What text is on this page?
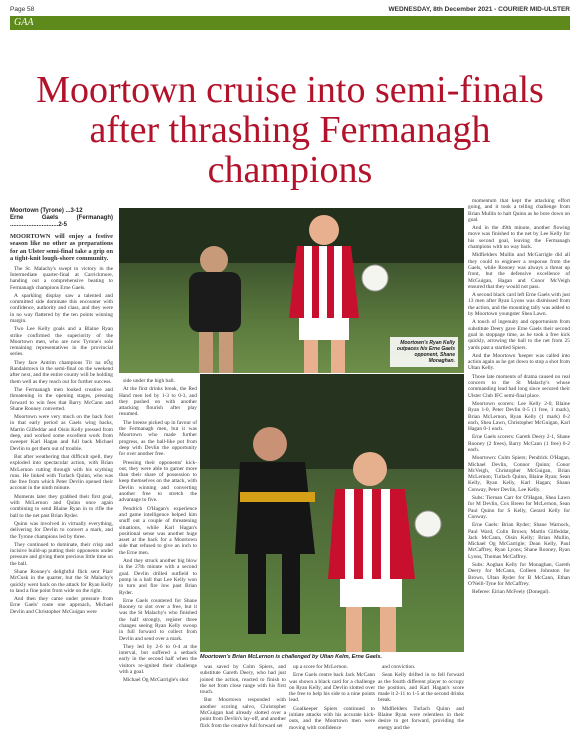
Page 58	WEDNESDAY, 8th December 2021 - COURIER MID-ULSTER
GAA
Moortown cruise into semi-finals after thrashing Fermanagh champions
Moortown (Tyrone) ...3-12
Erne Gaels (Fermanagh) .............................2-5
MOORTOWN will enjoy a festive season like no other as preparations for an Ulster semi-final take a grip on a tight-knit lough-shore community.

The St. Malachy's swept to victory in the Intermediate quarter-final at Carrickmore, handing out a comprehensive beating to Fermanagh champions Erne Gaels.

A sparkling display saw a talented and committed side dominate this encounter with confidence, authority and class, and they were in no way flattered by the ten points winning margin.

Two Lee Kelly goals and a Blaine Ryan strike confirmed the superiority of the Moortown men, who are now Tyrone's sole remaining representatives in the provincial series.

They face Antrim champions Tír na nÓg Randalstown in the semi-final on the weekend after next, and the entire county will be holding them well as they reach out for further success.

The Fermanagh men looked creative and threatening in the opening stages, pressing forward to win fees that Barry McCann and Shane Rooney converted.

Moortown were very much on the back foot in that early period as Gaels wing backs, Martin Gilfeddar and Oisin Kelly pressed from deep, and worked some excellent work from sweeper Karl Hagan and full back Michael Devlin to get them out of trouble.

But after weathering that difficult spell, they exploded into spectacular action, with Brian McLernon cutting through with his scything runs. He linked with Turlach Quinn, who was the free from which Peter Devlin opened their account in the ninth minute.

Moments later they grabbed their first goal, with McLernon and Quinn once again combining to send Blaine Ryan in to rifle the ball to the net past Brian Ryder.

Quinn was involved in virtually everything, delivering for Devlin to convert a mark, and the Tyrone champions led by three.

They continued to dominate, their crisp and incisive build-up putting their opponents under pressure and giving them precious little time on the ball.

Shane Rooney's delightful flick sent Piarr McCusk in the quarter, but the St Malachy's quickly went back on the attack for Ryan Kelly to land a fine point from wide on the right.

And then they came under pressure from Erne Gaels' route one approach, Michael Devlin and Christopher McGuigan were

Moortown's Ryan Kelly outpaces his Erne Gaels opponent, Shane Monaghan.

side under the high ball.

At the first drinks break, the Red Hand men led by 1-3 to 0-3, and they pushed on with another attacking flourish after play resumed.

The breeze picked up in favour of the Fermanagh men, but it was Moortown who made further progress, as the ball-like pot from deep with Devlin the opportunity for over another free.

Pressing their opponents' kick-out, they were able to garner more than their share of possession to keep themselves on the attack, with Devlin winning and converting another free to stretch the advantage to five.

Pendrich O'Hagan's experience and game intelligence helped him snuff out a couple of threatening situations, while Karl Hagan's positional sense was another huge asset at the back for a Moortown side that refused to give an inch to the Erne men.

And they struck another big blow in the 27th minute with a second goal. Devlin drilled outfield to pump in a ball that Lee Kelly won to turn and fire low past Brian Ryder.

Erne Gaels countered for Shane Rooney to slot over a free, but it was the St Malachy's who finished the half strongly, register three changes seeing Ryan Kelly swoop in full forward to collect from Devlin and send over a mark.

They led by 2-6 to 0-4 at the interval, but suffered a setback early in the second half when the visitors re-ignited their challenge with a goal.

Michael Og McGarrigle's shot

Moortown's Brian McLernon is challenged by Ultan Kelm, Erne Gaels.

was saved by Colm Spiers, and substitute Gareth Deery, who had just joined the action, reacted to finish to the net from close range with his first touch.

But Moortown responded with another scoring salvo, Christopher McGuigan had already slotted over a point from Devlin's lay-off, and another flick from the creative full forward set

up a score for McLernon.

Erne Gaels centre back Jack McCann was shown a black card for a challenge on Ryan Kelly, and Devlin slotted over the free to help his side to a nine points lead.

Goalkeeper Spiers continued to initiate attacks with his accurate kick-outs, and the Moortown men were moving with confidence

and conviction.

Sean Kelly drifted in to fell forward as the fourth different player to occupy the position, and Karl Hagan's score made it 2-11 to 1-5 at the second drinks break.

Midfielders Turlach Quinn and Blaine Ryan were relentless in their desire to get forward, providing the energy and the

momentum that kept the attacking effort going, and it took a telling challenge from Brian Mullin to halt Quinn as he bore down on goal.

And in the 49th minute, another flowing move was finished to the net by Lee Kelly for his second goal, leaving the Fermanagh champions with no way back.

Midfielders Mullin and McGarrigle did all they could to engineer a response from the Gaels, while Rooney was always a threat up front, but the defensive excellence of McGuigan, Hagan and Conor McVeigh ensured that they would not pass.

A second black card left Erne Gaels with just 13 men after Ryan Lyons was dismissed from the action, and the mounting tally was added to by Moortown youngster Shea Lawn.

A touch of ingenuity and opportunism from substitute Deery gave Erne Gaels their second goal in stoppage time, as he took a free kick quickly, arrowing the ball to the net from 25 yards past a startled Spiers.

And the Moortown 'keeper was called into action again as he got down to stop a shot from Ultan Kelly.

Those late moments of drama caused no real concern to the St Malachy's whose commanding lead had long since secured their Ulster Club IFC semi-final place.

Moortown scorers: Lee Kelly 2-0, Blaine Ryan 1-0, Peter Devlin 0-5 (1 free, 1 mark), Brian McLernon, Ryan Kelly (1 mark) 0-2 each, Shea Lawn, Christopher McGuigan, Karl Hagan 0-1 each.

Erne Gaels scorers: Gareth Deery 2-1, Shane Rooney (2 frees), Barry McCann (1 free) 0-2 each.

Moortown: Colm Spiers; Pendrick O'Hagan, Michael Devlin, Connor Quinn; Conor McVeigh, Christopher McGuigan, Brian McLernon; Turlach Quinn, Blaine Ryan; Sean Kelly, Ryan Kelly, Karl Hagan; Shaun Conway, Peter Devlin, Lee Kelly.

Subs: Tiernan Carr for O'Hagan, Shea Lawn for M Devlin, Cox Breen for McLernon, Sean Paul Quinn for S Kelly, Gerard Kelly for Conway.

Erne Gaels: Brian Ryder; Shane Warnock, Paul Ward, Colin Brown; Martin Gilfeddar, Jack McCann, Oisin Kelly; Brian Mullin, Michael Og McGarrigle; Dean Kelly, Paul McCaffrey, Ryan Lyons; Shane Rooney, Ryan Lyons, Thomas McCaffrey.

Subs: Aoghan Kelly for Monaghan, Gareth Deery for McCann, Colleen Johnston for Brown, Ultan Ryder for B McCann, Ethan O'Neill-Tyne for McCaffrey.

Referee: Eirian McFeely (Donegal).
